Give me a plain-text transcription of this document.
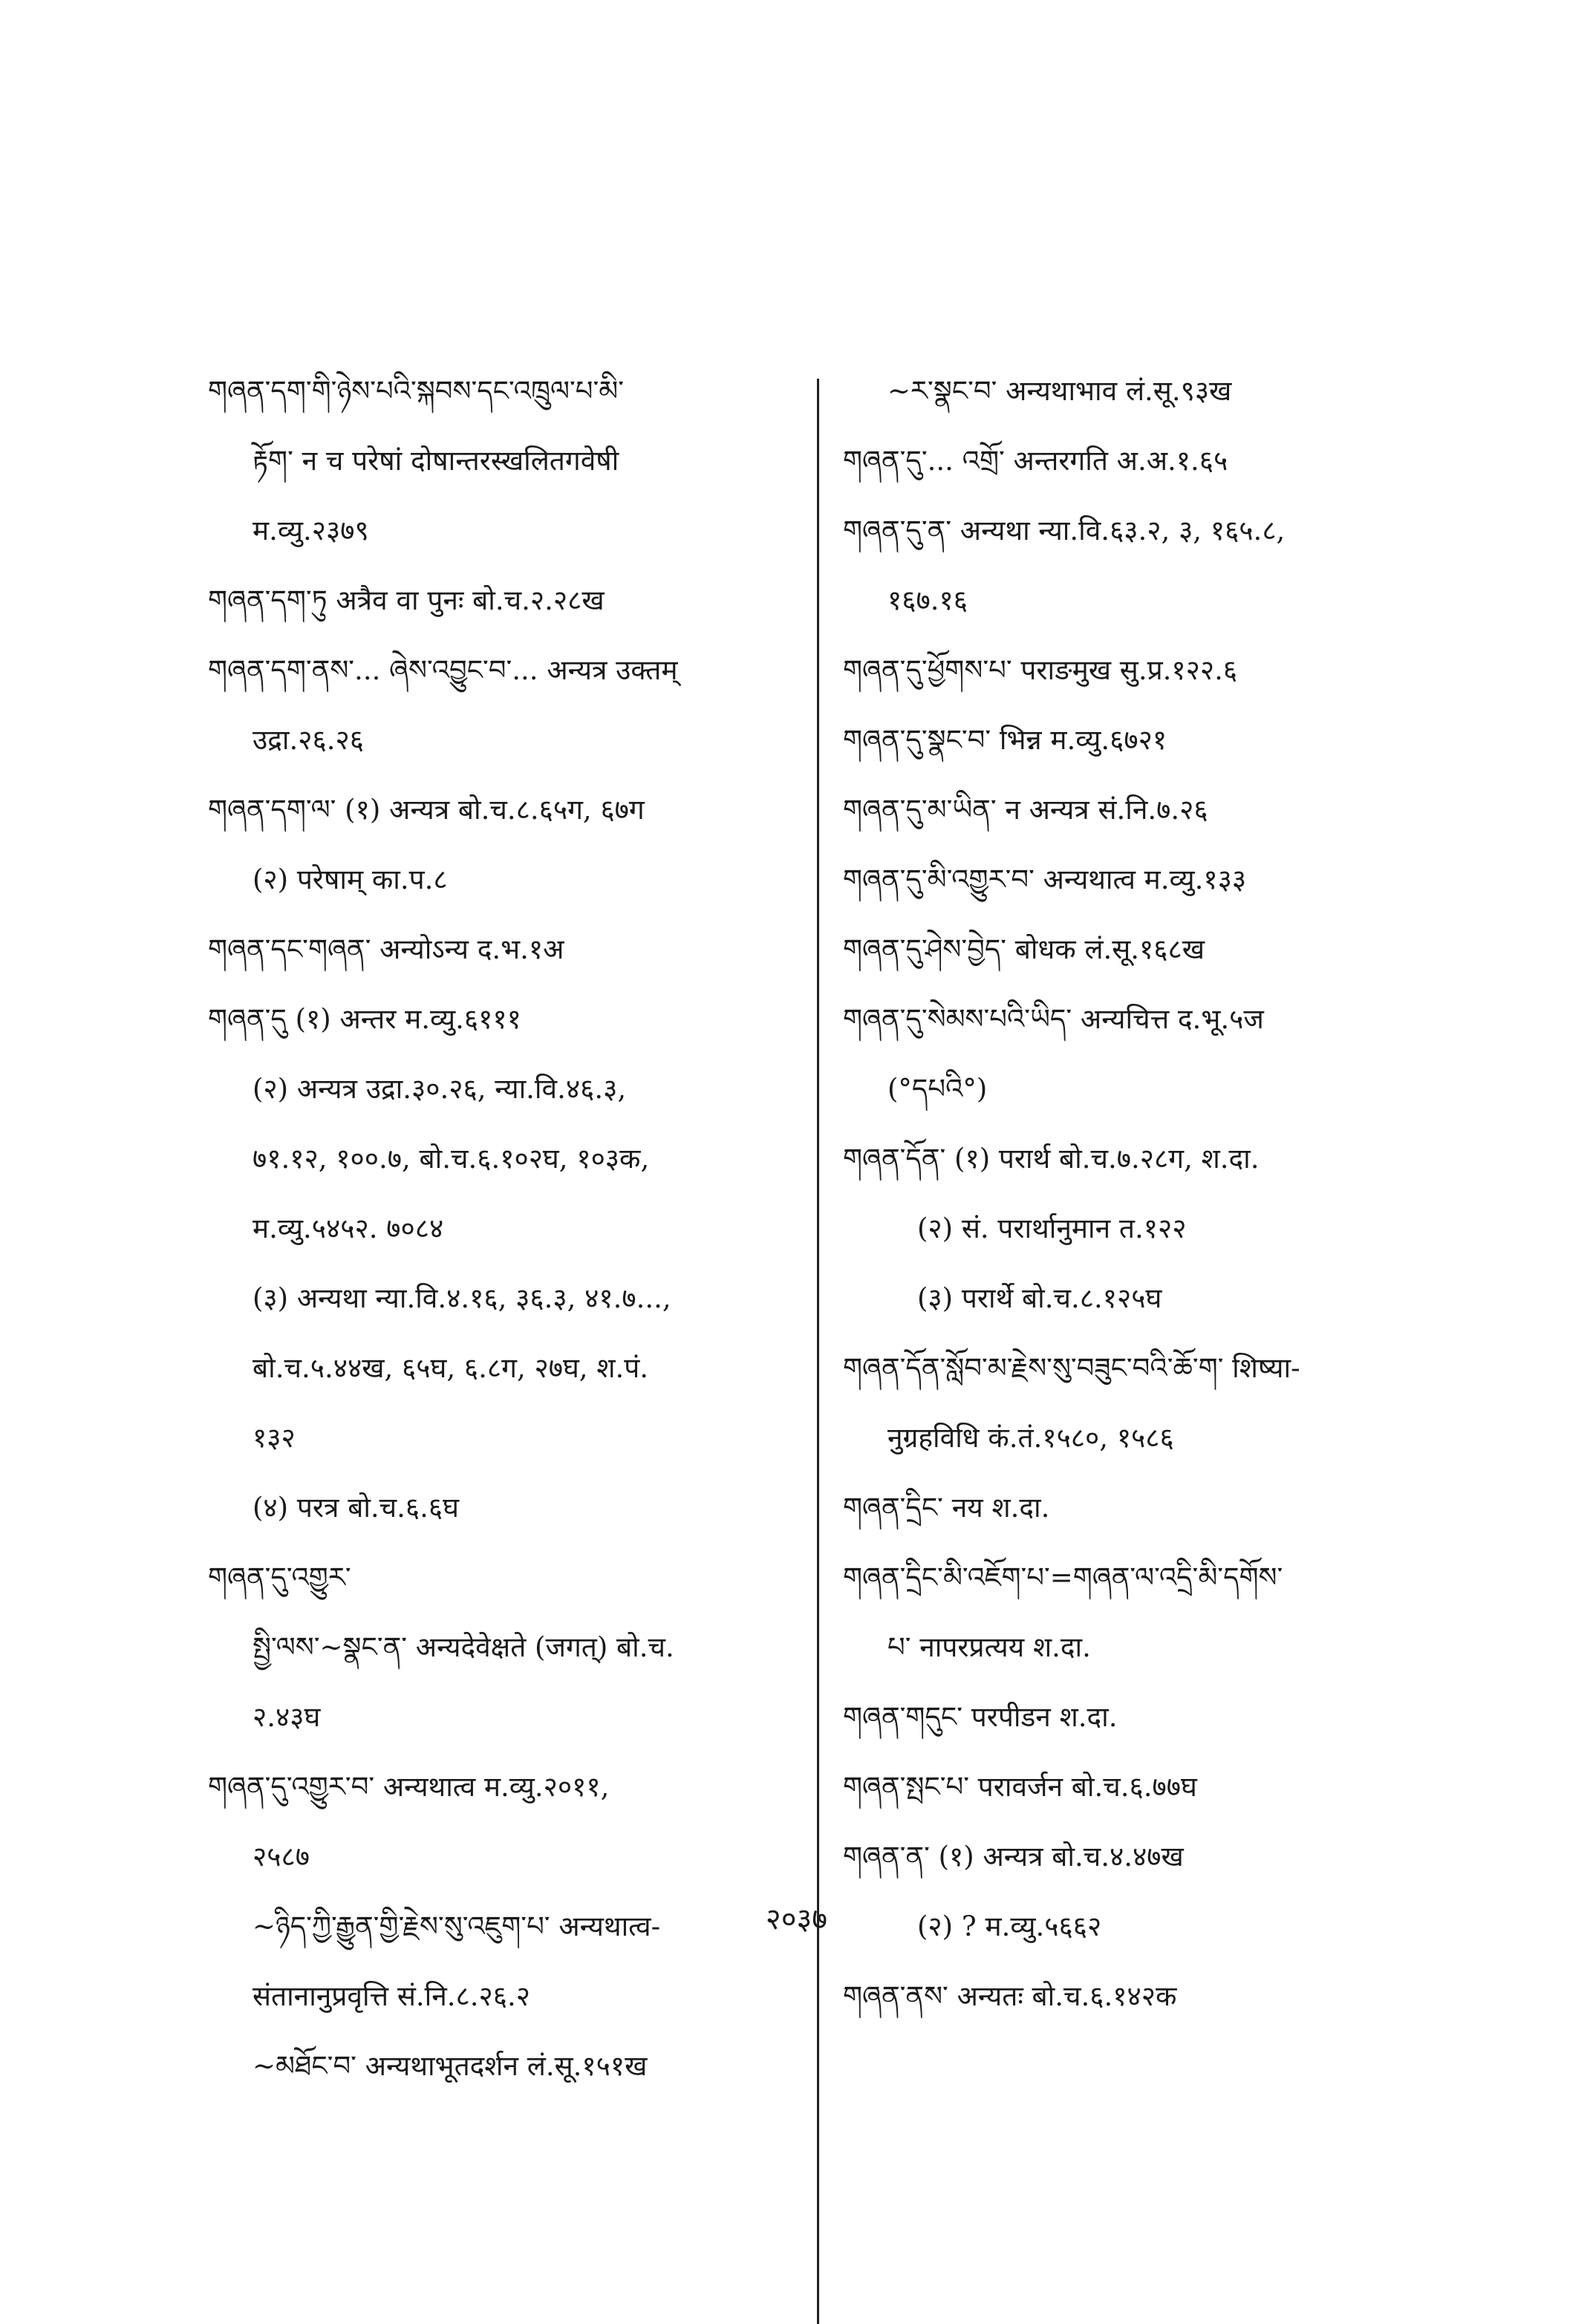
གཞན་དག་གི་ཉེས་པའི་སྐབས་དང་འཁྲུལ་པ་མི་
རྟོག་ न च परेषां दोषान्तरस्खलितगवेषी
म.व्यु.२३७९
གཞན་དག་ཏུ अत्रैव वा पुनः बो.च.२.२८ख
གཞན་དག་ནས་... ཞེས་འབྱུང་བ་... अन्यत्र उक्तम्
उद्रा.२६.२६
གཞན་དག་ལ་ (१) अन्यत्र बो.च.८.६५ग, ६७ग
(२) परेषाम् का.प.८
གཞན་དང་གཞན་ अन्योऽन्य द.भ.१अ
གཞན་དུ (१) अन्तर म.व्यु.६१११
(२) अन्यत्र उद्रा.३०.२६, न्या.वि.४६.३,
७१.१२, १००.७, बो.च.६.१०२घ, १०३क,
म.व्यु.५४५२. ७०८४
(३) अन्यथा न्या.वि.४.१६, ३६.३, ४१.७...,
बो.च.५.४४ख, ६५घ, ६.८ग, २७घ, श.पं.
१३२
(४) परत्र बो.च.६.६घ
གཞན་དུ་འགྱུར་
སྤྱི་ལས་~སྣང་ན་ अन्यदेवेक्षते (जगत्) बो.च.
२.४३घ
གཞན་དུ་འགྱུར་བ་ अन्यथात्व म.व्यु.२०११,
२५८७
~ཉིད་ཀྱི་རྒྱུན་གྱི་རྗེས་སུ་འཇུག་པ་ अन्यथात्व-
संतानानुप्रवृत्ति सं.नि.८.२६.२
~མཐོང་བ་ अन्यथाभूतदर्शन लं.सू.१५१ख
~ར་སྣང་བ་ अन्यथाभाव लं.सू.९३ख
གཞན་དུ་... འགྲོ་ अन्तरगति अ.अ.१.६५
གཞན་དུ་ན་ अन्यथा न्या.वि.६३.२, ३, १६५.८,
१६७.१६
གཞན་དུ་ཕྱོགས་པ་ पराङमुख सु.प्र.१२२.६
གཞན་དུ་སྣང་བ་ भिन्न म.व्यु.६७२१
གཞན་དུ་མ་ཡིན་ न अन्यत्र सं.नि.७.२६
གཞན་དུ་མི་འགྱུར་བ་ अन्यथात्व म.व्यु.१३३
གཞན་དུ་ཤེས་བྱེད་ बोधक लं.सू.१६८ख
གཞན་དུ་སེམས་པའི་ཡིད་ अन्यचित्त द.भू.५ज
(°དཔའི°)
གཞན་དོན་ (१) परार्थ बो.च.७.२८ग, श.दा.
(२) सं. परार्थानुमान त.१२२
(३) परार्थे बो.च.८.१२५घ
གཞན་དོན་སློབ་མ་རྗེས་སུ་བཟུང་བའི་ཆོ་ག་ शिष्या-
नुग्रहविधि कं.तं.१५८०, १५८६
གཞན་དྲིང་ नय श.दा.
གཞན་དྲིང་མི་འཇོག་པ་=གཞན་ལ་འདྲི་མི་དགོས་
པ་ नापरप्रत्यय श.दा.
གཞན་གདུང་ परपीडन श.दा.
གཞན་སྤང་པ་ परावर्जन बो.च.६.७७घ
གཞན་ན་ (१) अन्यत्र बो.च.४.४७ख
(२) ? म.व्यु.५६६२
གཞན་ནས་ अन्यतः बो.च.६.१४२क
२०३७
